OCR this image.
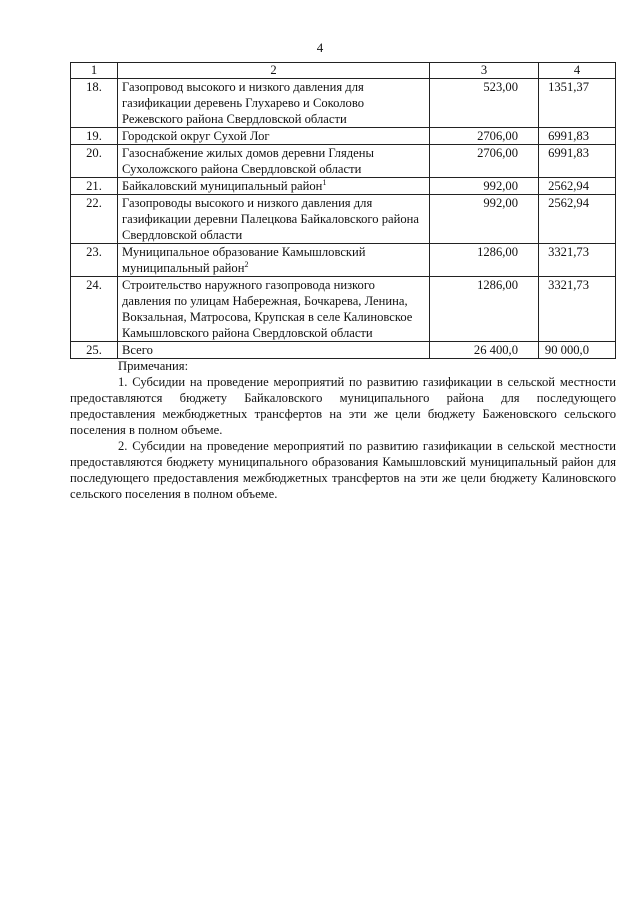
4
1	2	3	4
18.	Газопровод высокого и низкого давления для газификации деревень Глухарево и Соколово Режевского района Свердловской области	523,00	1351,37
19.	Городской округ Сухой Лог	2706,00	6991,83
20.	Газоснабжение жилых домов деревни Глядены Сухоложского района Свердловской области	2706,00	6991,83
21.	Байкаловский муниципальный район$^1$	992,00	2562,94
22.	Газопроводы высокого и низкого давления для газификации деревни Палецкова Байкаловского района Свердловской области	992,00	2562,94
23.	Муниципальное образование Камышловский муниципальный район$^2$	1286,00	3321,73
24.	Строительство наружного газопровода низкого давления по улицам Набережная, Бочкарева, Ленина, Вокзальная, Матросова, Крупская в селе Калиновское Камышловского района Свердловской области	1286,00	3321,73
25.	Всего	26 400,0	90 000,0

Примечания:

1. Субсидии на проведение мероприятий по развитию газификации в сельской местности предоставляются бюджету Байкаловского муниципального района для последующего предоставления межбюджетных трансфертов на эти же цели бюджету Баженовского сельского поселения в полном объеме.

2. Субсидии на проведение мероприятий по развитию газификации в сельской местности предоставляются бюджету муниципального образования Камышловский муниципальный район для последующего предоставления межбюджетных трансфертов на эти же цели бюджету Калиновского сельского поселения в полном объеме.
